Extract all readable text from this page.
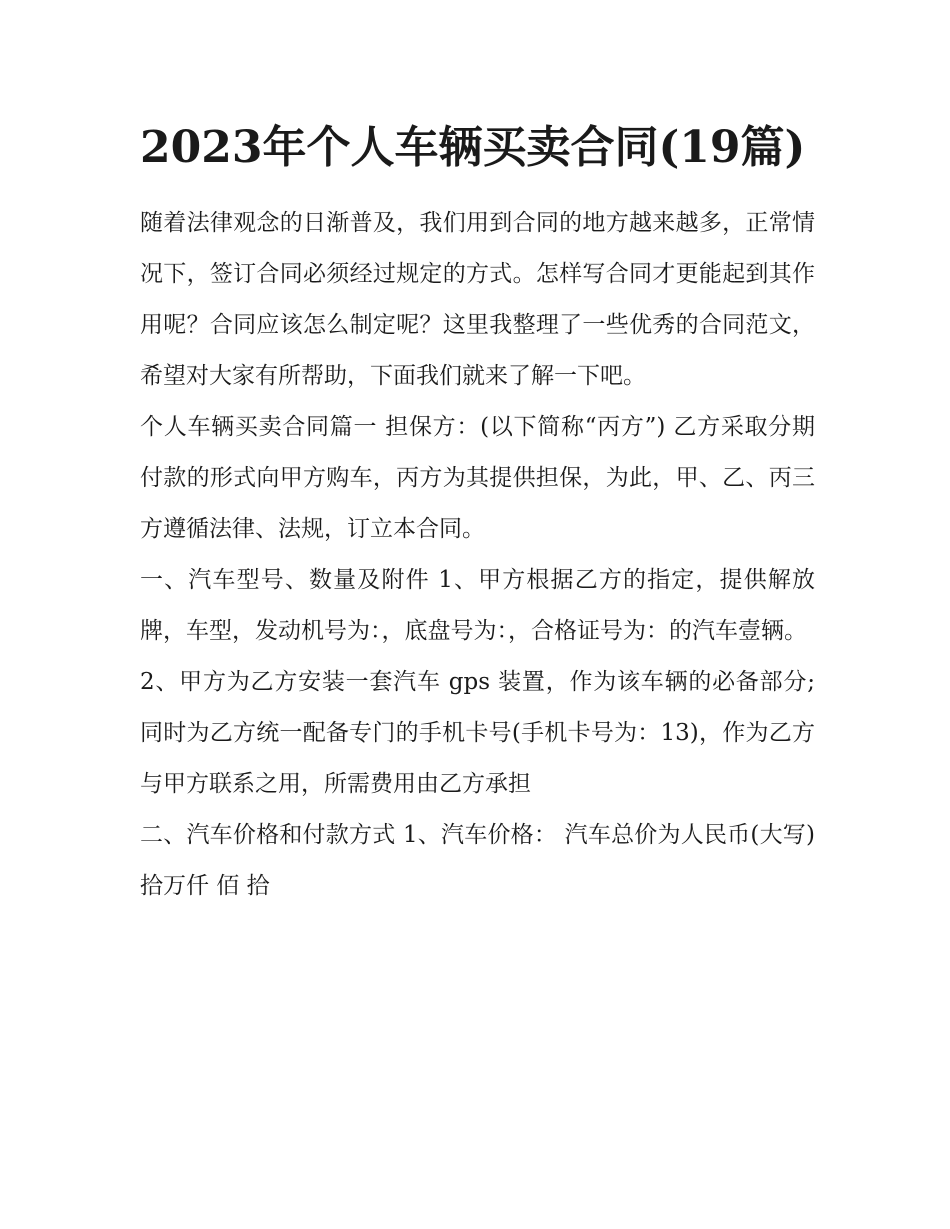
2023年个人车辆买卖合同(19篇)

随着法律观念的日渐普及，我们用到合同的地方越来越多，正常情况下，签订合同必须经过规定的方式。怎样写合同才更能起到其作用呢？合同应该怎么制定呢？这里我整理了一些优秀的合同范文，希望对大家有所帮助，下面我们就来了解一下吧。

个人车辆买卖合同篇一 担保方：(以下简称“丙方”) 乙方采取分期付款的形式向甲方购车，丙方为其提供担保，为此，甲、乙、丙三方遵循法律、法规，订立本合同。

一、汽车型号、数量及附件 1、甲方根据乙方的指定，提供解放牌，车型，发动机号为：，底盘号为：，合格证号为：的汽车壹辆。

2、甲方为乙方安装一套汽车 gps 装置，作为该车辆的必备部分;同时为乙方统一配备专门的手机卡号(手机卡号为：13)，作为乙方与甲方联系之用，所需费用由乙方承担

二、汽车价格和付款方式 1、汽车价格： 汽车总价为人民币(大写) 拾万仟 佰 拾
